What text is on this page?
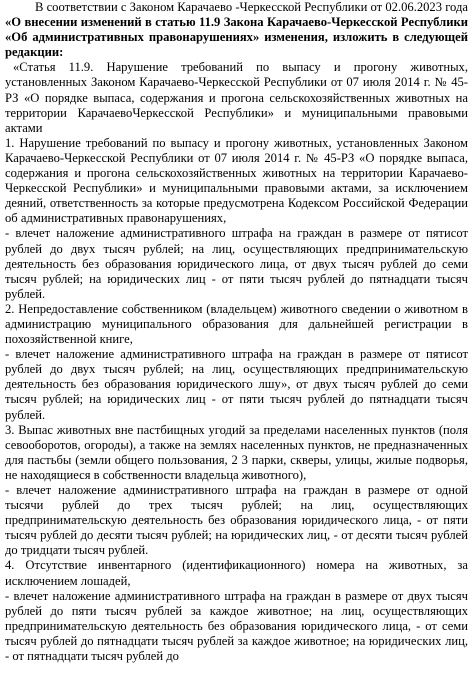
В соответствии с Законом Карачаево -Черкесской Республики от 02.06.2023 года «О внесении изменений в статью 11.9 Закона Карачаево-Черкесской Республики «Об административных правонарушениях» изменения, изложить в следующей редакции:

«Статья 11.9. Нарушение требований по выпасу и прогону животных, установленных Законом Карачаево-Черкесской Республики от 07 июля 2014 г. № 45-РЗ «О порядке выпаса, содержания и прогона сельскохозяйственных животных на территории КарачаевоЧеркесской Республики» и муниципальными правовыми актами

1. Нарушение требований по выпасу и прогону животных, установленных Законом Карачаево-Черкесской Республики от 07 июля 2014 г. № 45-РЗ «О порядке выпаса, содержания и прогона сельскохозяйственных животных на территории Карачаево-Черкесской Республики» и муниципальными правовыми актами, за исключением деяний, ответственность за которые предусмотрена Кодексом Российской Федерации об административных правонарушениях,

- влечет наложение административного штрафа на граждан в размере от пятисот рублей до двух тысяч рублей; на лиц, осуществляющих предпринимательскую деятельность без образования юридического лица, от двух тысяч рублей до семи тысяч рублей; на юридических лиц - от пяти тысяч рублей до пятнадцати тысяч рублей.

2. Непредоставление собственником (владельцем) животного сведении о животном в администрацию муниципального образования для дальнейшей регистрации в похозяйственной книге,

- влечет наложение административного штрафа на граждан в размере от пятисот рублей до двух тысяч рублей; на лиц, осуществляющих предпринимательскую деятельность без образования юридического лшу», от двух тысяч рублей до семи тысяч рублей; на юридических лиц - от пяти тысяч рублей до пятнадцати тысяч рублей.

3. Выпас животных вне пастбищных угодий за пределами населенных пунктов (поля севооборотов, огороды), а также на землях населенных пунктов, не предназначенных для пастьбы (земли общего пользования, 2 3 парки, скверы, улицы, жилые подворья, не находящиеся в собственности владельца животного),

- влечет наложение административного штрафа на граждан в размере от одной тысячи рублей до трех тысяч рублей; на лиц, осуществляющих предпринимательскую деятельность без образования юридического лица, - от пяти тысяч рублей до десяти тысяч рублей; на юридических лиц, - от десяти тысяч рублей до тридцати тысяч рублей.

4. Отсутствие инвентарного (идентификационного) номера на животных, за исключением лошадей,

- влечет наложение административного штрафа на граждан в размере от двух тысяч рублей до пяти тысяч рублей за каждое животное; на лиц, осуществляющих предпринимательскую деятельность без образования юридического лица, - от семи тысяч рублей до пятнадцати тысяч рублей за каждое животное; на юридических лиц, - от пятнадцати тысяч рублей до
